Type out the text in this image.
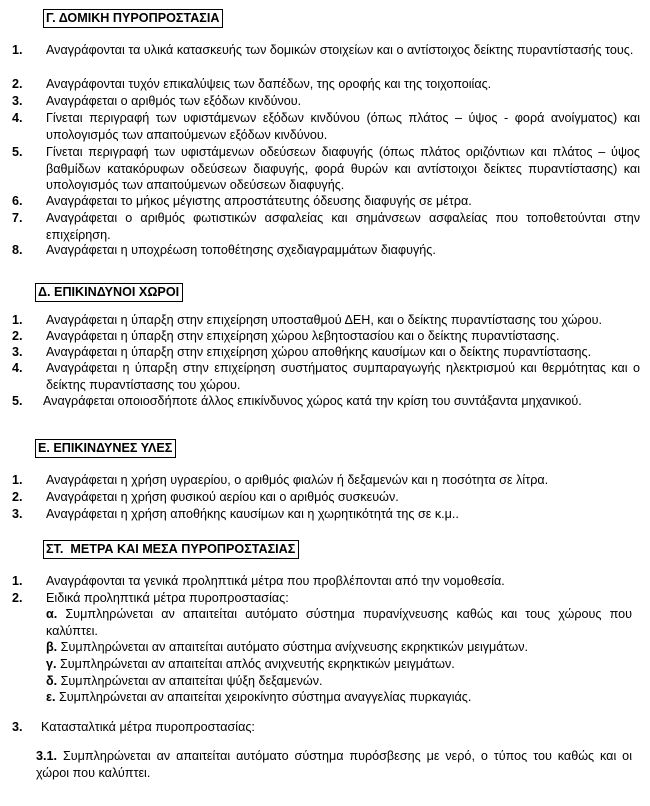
Γ. ΔΟΜΙΚΗ ΠΥΡΟΠΡΟΣΤΑΣΙΑ
1. Αναγράφονται τα υλικά κατασκευής των δομικών στοιχείων και ο αντίστοιχος δείκτης πυραντίστασής τους.
2. Αναγράφονται τυχόν επικαλύψεις των δαπέδων, της οροφής και της τοιχοποιίας.
3. Αναγράφεται ο αριθμός των εξόδων κινδύνου.
4. Γίνεται περιγραφή των υφιστάμενων εξόδων κινδύνου (όπως πλάτος – ύψος - φορά ανοίγματος) και υπολογισμός των απαιτούμενων εξόδων κινδύνου.
5. Γίνεται περιγραφή των υφιστάμενων οδεύσεων διαφυγής (όπως πλάτος οριζόντιων και πλάτος – ύψος βαθμίδων κατακόρυφων οδεύσεων διαφυγής, φορά θυρών και αντίστοιχοι δείκτες πυραντίστασης) και υπολογισμός των απαιτούμενων οδεύσεων διαφυγής.
6. Αναγράφεται το μήκος μέγιστης απροστάτευτης όδευσης διαφυγής σε μέτρα.
7. Αναγράφεται ο αριθμός φωτιστικών ασφαλείας και σημάνσεων ασφαλείας που τοποθετούνται στην επιχείρηση.
8. Αναγράφεται η υποχρέωση τοποθέτησης σχεδιαγραμμάτων διαφυγής.
Δ. ΕΠΙΚΙΝΔΥΝΟΙ ΧΩΡΟΙ
1. Αναγράφεται η ύπαρξη στην επιχείρηση υποσταθμού ΔΕΗ, και ο δείκτης πυραντίστασης του χώρου.
2. Αναγράφεται η ύπαρξη στην επιχείρηση χώρου λεβητοστασίου και ο δείκτης πυραντίστασης.
3. Αναγράφεται η ύπαρξη στην επιχείρηση χώρου αποθήκης καυσίμων και ο δείκτης πυραντίστασης.
4. Αναγράφεται η ύπαρξη στην επιχείρηση συστήματος συμπαραγωγής ηλεκτρισμού και θερμότητας και ο δείκτης πυραντίστασης του χώρου.
5. Αναγράφεται οποιοσδήποτε άλλος επικίνδυνος χώρος κατά την κρίση του συντάξαντα μηχανικού.
Ε. ΕΠΙΚΙΝΔΥΝΕΣ ΥΛΕΣ
1. Αναγράφεται η χρήση υγραερίου, ο αριθμός φιαλών ή δεξαμενών και η ποσότητα σε λίτρα.
2. Αναγράφεται η χρήση φυσικού αερίου και ο αριθμός συσκευών.
3. Αναγράφεται η χρήση αποθήκης καυσίμων και η χωρητικότητά της σε κ.μ..
ΣΤ.  ΜΕΤΡΑ ΚΑΙ ΜΕΣΑ ΠΥΡΟΠΡΟΣΤΑΣΙΑΣ
1. Αναγράφονται τα γενικά προληπτικά μέτρα που προβλέπονται από την νομοθεσία.
2. Ειδικά προληπτικά μέτρα πυροπροστασίας:
α. Συμπληρώνεται αν απαιτείται αυτόματο σύστημα πυρανίχνευσης καθώς και τους χώρους που καλύπτει.
β. Συμπληρώνεται αν απαιτείται αυτόματο σύστημα ανίχνευσης εκρηκτικών μειγμάτων.
γ. Συμπληρώνεται αν απαιτείται απλός ανιχνευτής εκρηκτικών μειγμάτων.
δ. Συμπληρώνεται αν απαιτείται ψύξη δεξαμενών.
ε. Συμπληρώνεται αν απαιτείται χειροκίνητο σύστημα αναγγελίας πυρκαγιάς.
3. Κατασταλτικά μέτρα πυροπροστασίας:
3.1. Συμπληρώνεται αν απαιτείται αυτόματο σύστημα πυρόσβεσης με νερό, ο τύπος του καθώς και οι χώροι που καλύπτει.
